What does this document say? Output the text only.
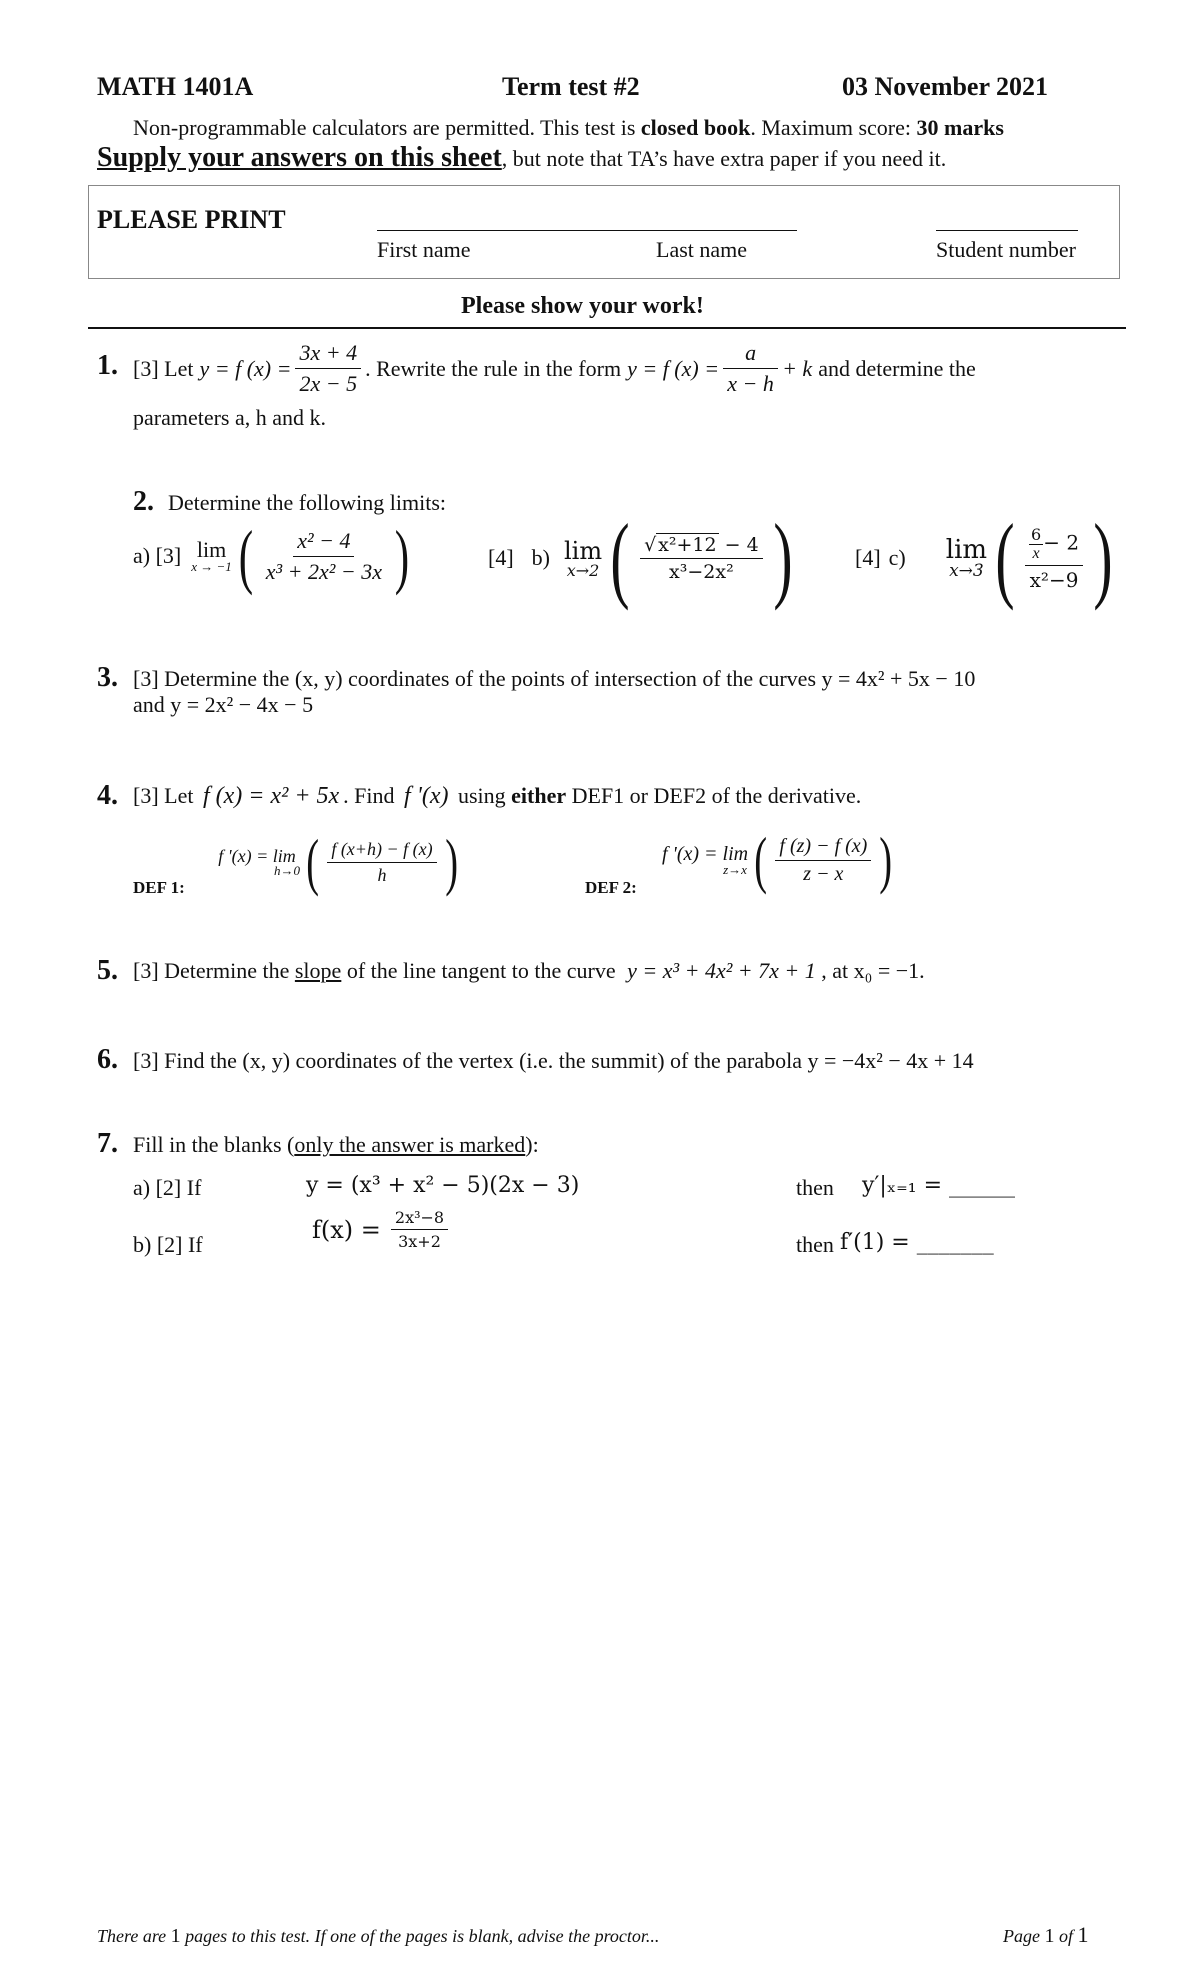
MATH 1401A	Term test #2	03 November 2021
Non-programmable calculators are permitted. This test is closed book. Maximum score: 30 marks
Supply your answers on this sheet, but note that TA’s have extra paper if you need it.
PLEASE PRINT
First name	Last name	Student number
Please show your work!
1. [3] Let y = f $(x) = \frac{3x + 4}{2x - 5}$ . Rewrite the rule in the form y = f $(x) = \frac{a}{x - h} + k$ and determine the
parameters a, h and k.
2. Determine the following limits:
a) [3] lim
x → −1 ( $\frac{\text{x² − 4}}{\text{x³ + 2x² − 3x}}$ )	[4] b) lim
x→2 ( $\frac{\text{√ x²+12 − 4}}{\text{x³−2x²}}$ )	[4] c) lim
x→3 ( $\frac{\frac{6}{x} - 2}{\text{x²−9}}$ )
3. [3] Determine the (x, y) coordinates of the points of intersection of the curves y = 4x² + 5x − 10
and y = 2x² − 4x − 5
4. [3] Let f (x) = x² + 5x . Find f '(x) using either DEF1 or DEF2 of the derivative.
DEF 1:
f '(x) = lim
h→0 ( $\frac{f (x+h) - f (x)}{h}$ )	DEF 2:
f '(x) = lim
z→x ( $\frac{f (z) - f (x)}{z - x}$ )
5. [3] Determine the slope of the line tangent to the curve y = x³ + 4x² + 7x + 1 , at x₀ = −1.
6. [3] Find the (x, y) coordinates of the vertex (i.e. the summit) of the parabola y = −4x² − 4x + 14
7. Fill in the blanks (only the answer is marked):
a) [2] If	y = (x³ + x² − 5)(2x − 3)	then y′|ₓ₌₁ = ______
b) [2] If
$f(x) = \frac{\text{2x³−8}}{3x+2}$	then f′(1) = _______
There are 1 pages to this test. If one of the pages is blank, advise the proctor...	Page 1 of 1
